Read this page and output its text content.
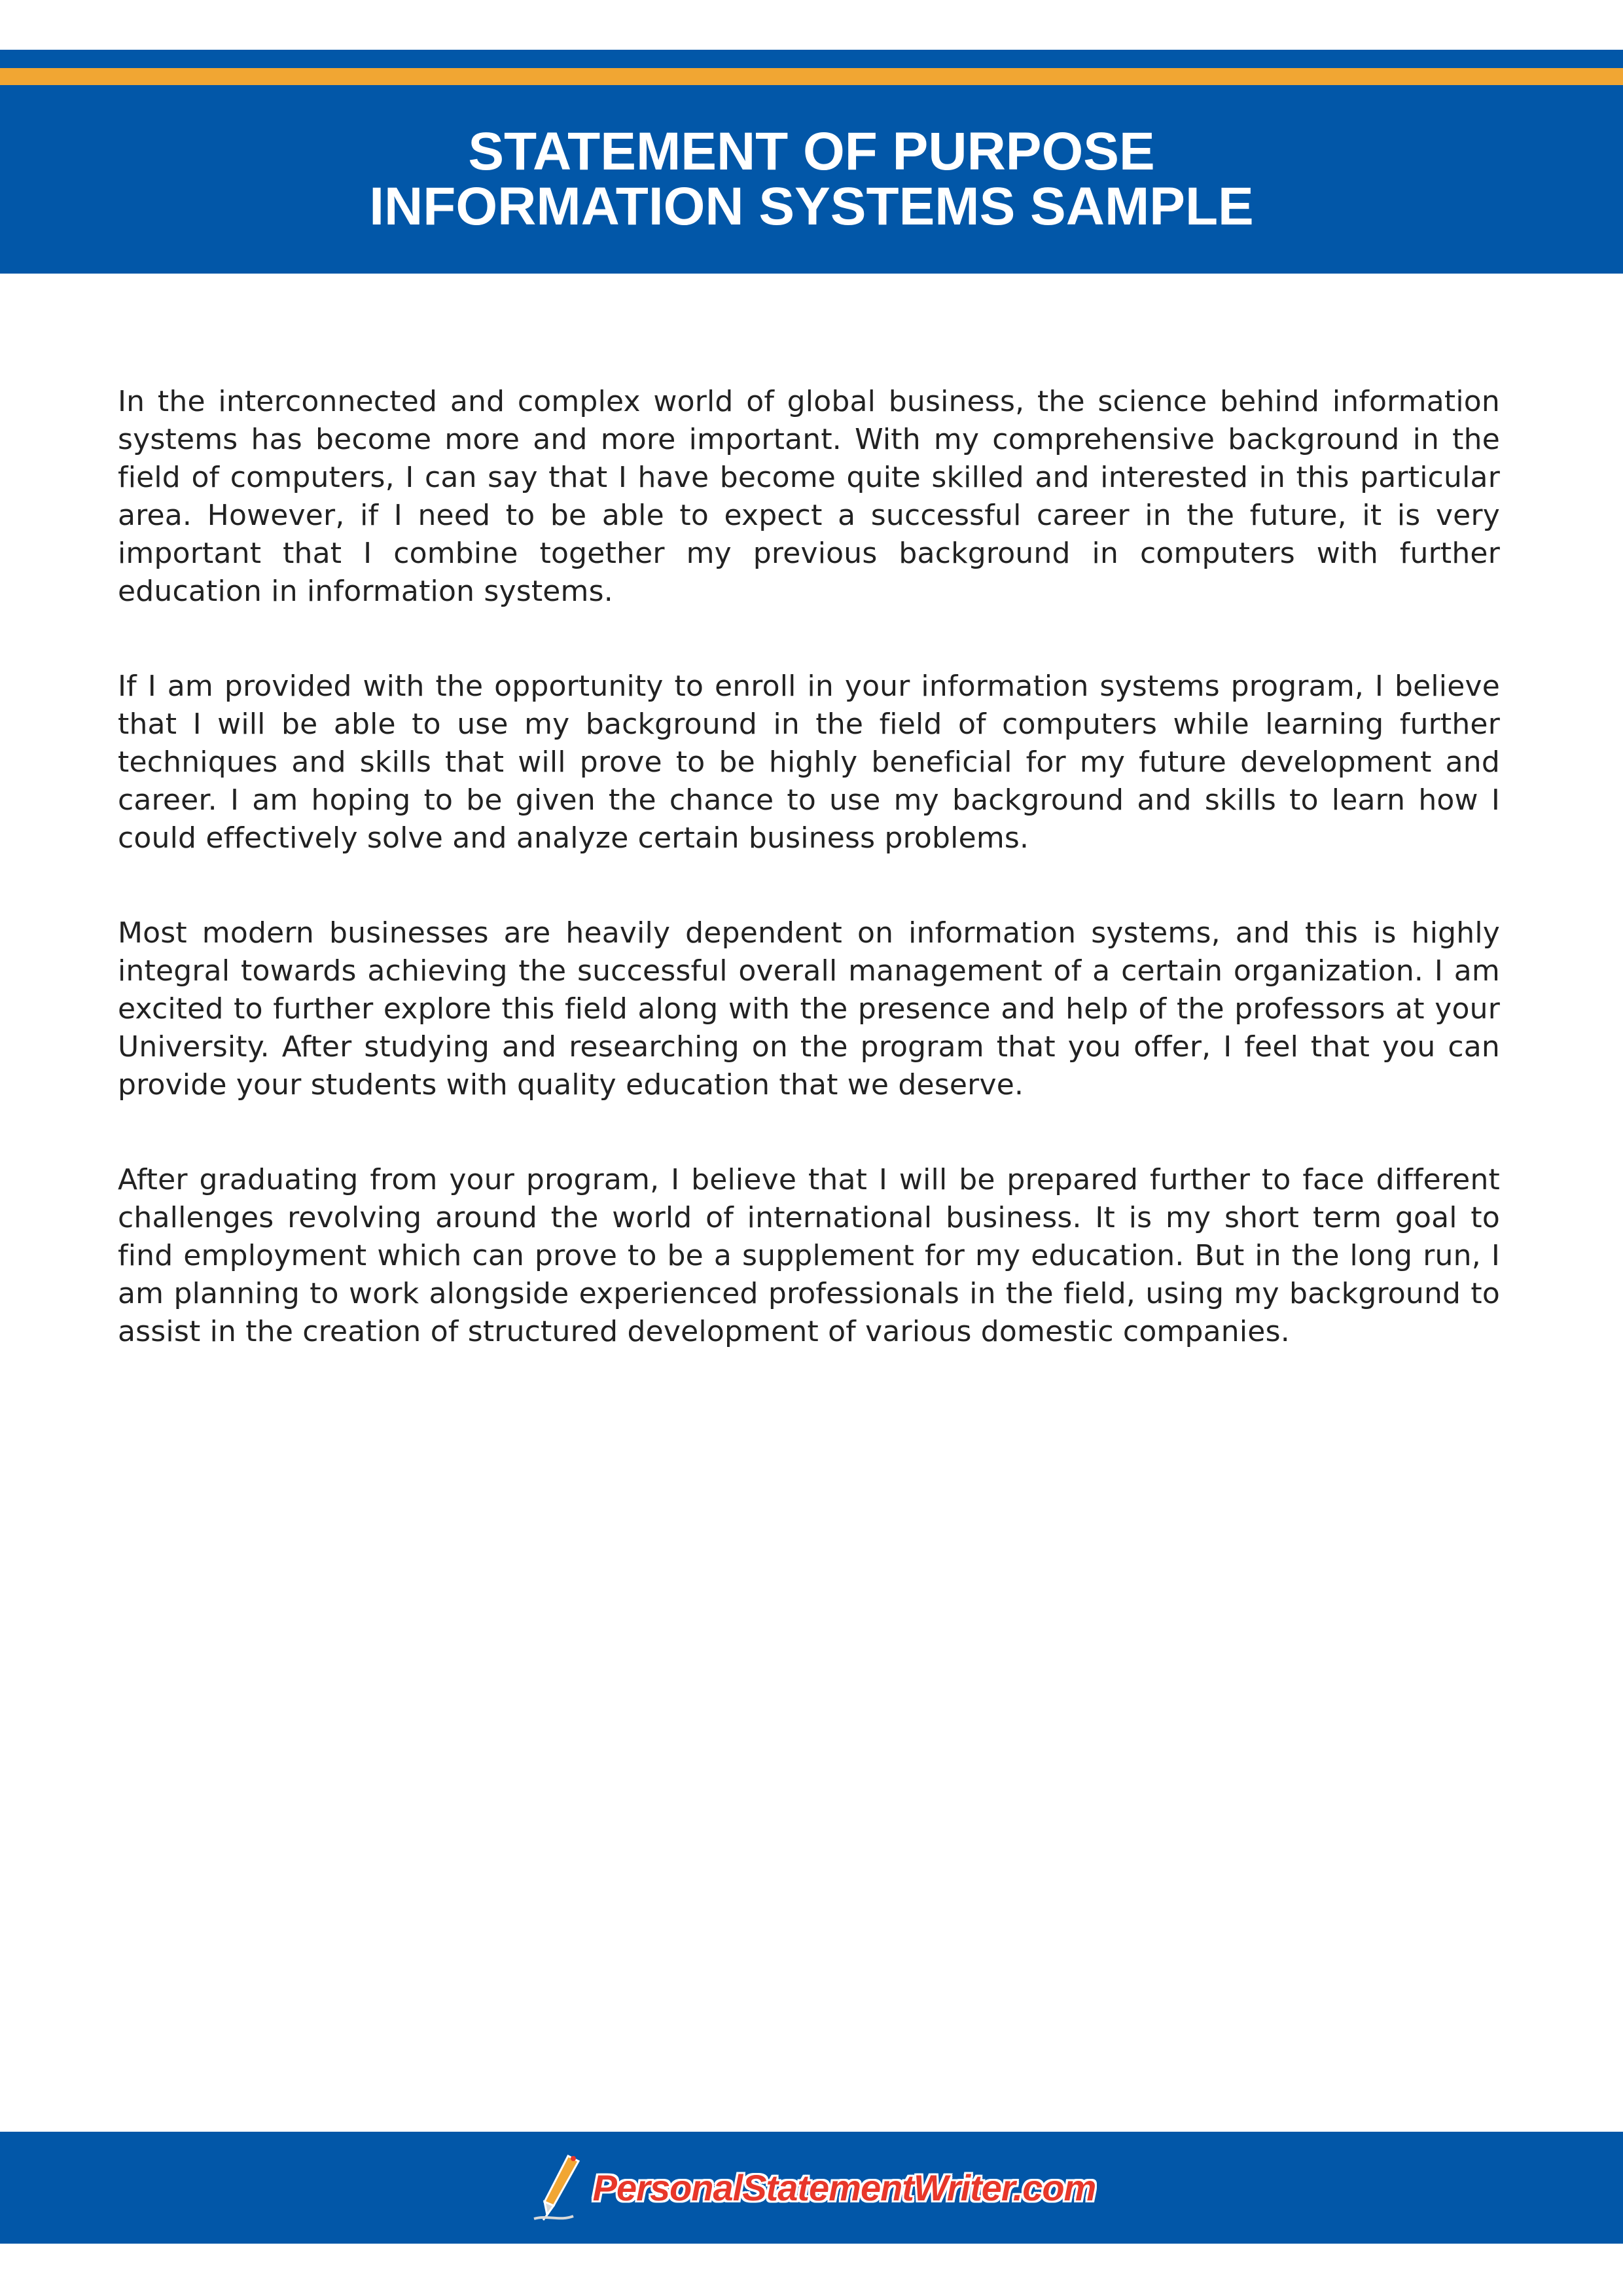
STATEMENT OF PURPOSE INFORMATION SYSTEMS SAMPLE

In the interconnected and complex world of global business, the science behind information systems has become more and more important. With my comprehensive background in the field of computers, I can say that I have become quite skilled and interested in this particular area. However, if I need to be able to expect a successful career in the future, it is very important that I combine together my previous background in computers with further education in information systems.

If I am provided with the opportunity to enroll in your information systems program, I believe that I will be able to use my background in the field of computers while learning further techniques and skills that will prove to be highly beneficial for my future development and career. I am hoping to be given the chance to use my background and skills to learn how I could effectively solve and analyze certain business problems.

Most modern businesses are heavily dependent on information systems, and this is highly integral towards achieving the successful overall management of a certain organization. I am excited to further explore this field along with the presence and help of the professors at your University. After studying and researching on the program that you offer, I feel that you can provide your students with quality education that we deserve.

After graduating from your program, I believe that I will be prepared further to face different challenges revolving around the world of international business. It is my short term goal to find employment which can prove to be a supplement for my education. But in the long run, I am planning to work alongside experienced professionals in the field, using my background to assist in the creation of structured development of various domestic companies.

PersonalStatementWriter.com
